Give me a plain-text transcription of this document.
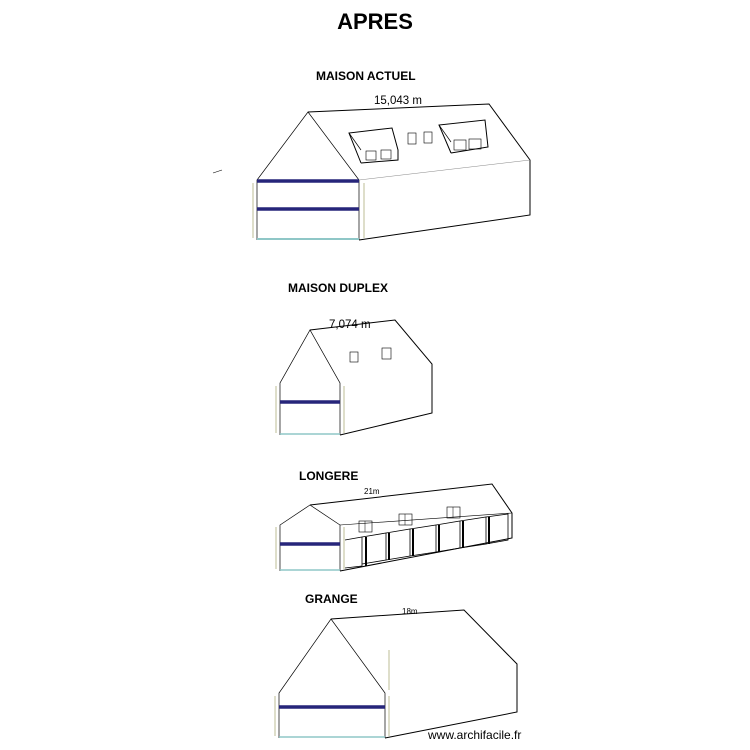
APRES
MAISON ACTUEL
15,043 m
MAISON DUPLEX
7,074 m
LONGERE
21m
GRANGE
18m
www.archifacile.fr
